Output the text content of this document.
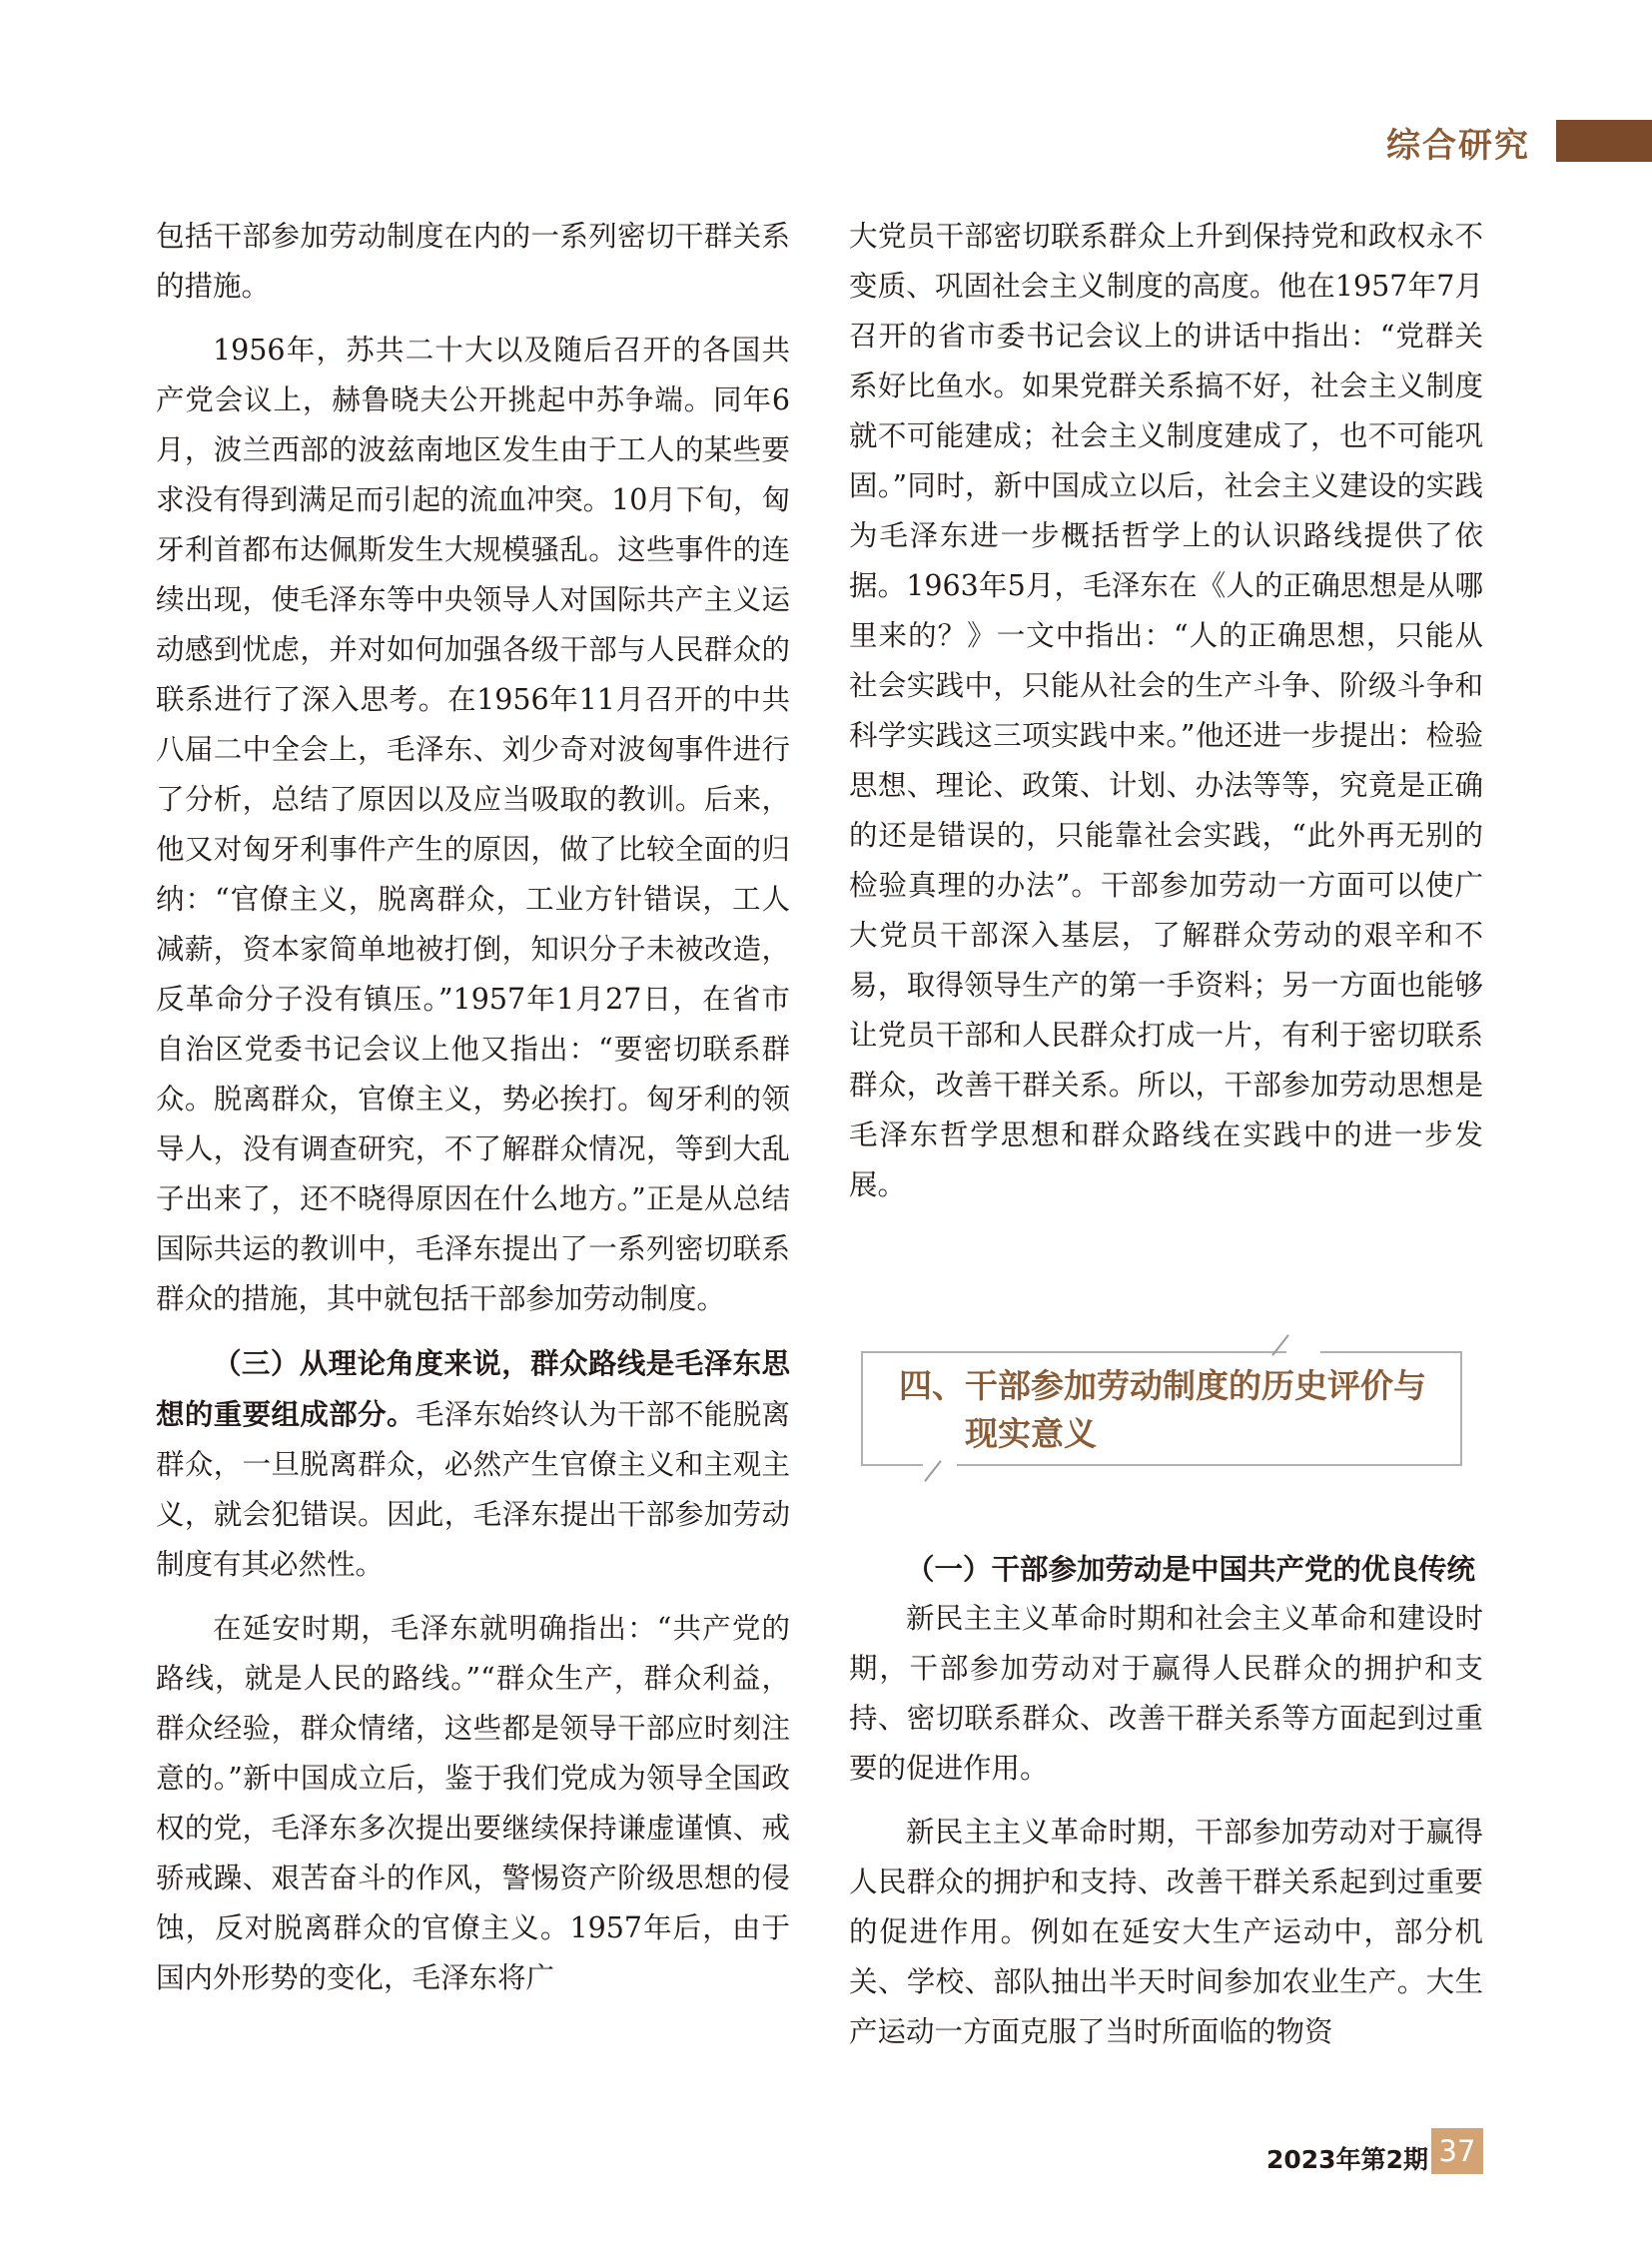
综合研究

包括干部参加劳动制度在内的一系列密切干群关系的措施。

1956年，苏共二十大以及随后召开的各国共产党会议上，赫鲁晓夫公开挑起中苏争端。同年6月，波兰西部的波兹南地区发生由于工人的某些要求没有得到满足而引起的流血冲突。10月下旬，匈牙利首都布达佩斯发生大规模骚乱。这些事件的连续出现，使毛泽东等中央领导人对国际共产主义运动感到忧虑，并对如何加强各级干部与人民群众的联系进行了深入思考。在1956年11月召开的中共八届二中全会上，毛泽东、刘少奇对波匈事件进行了分析，总结了原因以及应当吸取的教训。后来，他又对匈牙利事件产生的原因，做了比较全面的归纳：“官僚主义，脱离群众，工业方针错误，工人减薪，资本家简单地被打倒，知识分子未被改造，反革命分子没有镇压。”1957年1月27日，在省市自治区党委书记会议上他又指出：“要密切联系群众。脱离群众，官僚主义，势必挨打。匈牙利的领导人，没有调查研究，不了解群众情况，等到大乱子出来了，还不晓得原因在什么地方。”正是从总结国际共运的教训中，毛泽东提出了一系列密切联系群众的措施，其中就包括干部参加劳动制度。

（三）从理论角度来说，群众路线是毛泽东思想的重要组成部分。毛泽东始终认为干部不能脱离群众，一旦脱离群众，必然产生官僚主义和主观主义，就会犯错误。因此，毛泽东提出干部参加劳动制度有其必然性。

在延安时期，毛泽东就明确指出：“共产党的路线，就是人民的路线。”“群众生产，群众利益，群众经验，群众情绪，这些都是领导干部应时刻注意的。”新中国成立后，鉴于我们党成为领导全国政权的党，毛泽东多次提出要继续保持谦虚谨慎、戒骄戒躁、艰苦奋斗的作风，警惕资产阶级思想的侵蚀，反对脱离群众的官僚主义。1957年后，由于国内外形势的变化，毛泽东将广

大党员干部密切联系群众上升到保持党和政权永不变质、巩固社会主义制度的高度。他在1957年7月召开的省市委书记会议上的讲话中指出：“党群关系好比鱼水。如果党群关系搞不好，社会主义制度就不可能建成；社会主义制度建成了，也不可能巩固。”同时，新中国成立以后，社会主义建设的实践为毛泽东进一步概括哲学上的认识路线提供了依据。1963年5月，毛泽东在《人的正确思想是从哪里来的？》一文中指出：“人的正确思想，只能从社会实践中，只能从社会的生产斗争、阶级斗争和科学实践这三项实践中来。”他还进一步提出：检验思想、理论、政策、计划、办法等等，究竟是正确的还是错误的，只能靠社会实践，“此外再无别的检验真理的办法”。干部参加劳动一方面可以使广大党员干部深入基层，了解群众劳动的艰辛和不易，取得领导生产的第一手资料；另一方面也能够让党员干部和人民群众打成一片，有利于密切联系群众，改善干群关系。所以，干部参加劳动思想是毛泽东哲学思想和群众路线在实践中的进一步发展。

四、干部参加劳动制度的历史评价与
现实意义

（一）干部参加劳动是中国共产党的优良传统

新民主主义革命时期和社会主义革命和建设时期，干部参加劳动对于赢得人民群众的拥护和支持、密切联系群众、改善干群关系等方面起到过重要的促进作用。

新民主主义革命时期，干部参加劳动对于赢得人民群众的拥护和支持、改善干群关系起到过重要的促进作用。例如在延安大生产运动中，部分机关、学校、部队抽出半天时间参加农业生产。大生产运动一方面克服了当时所面临的物资

2023年第2期 37
